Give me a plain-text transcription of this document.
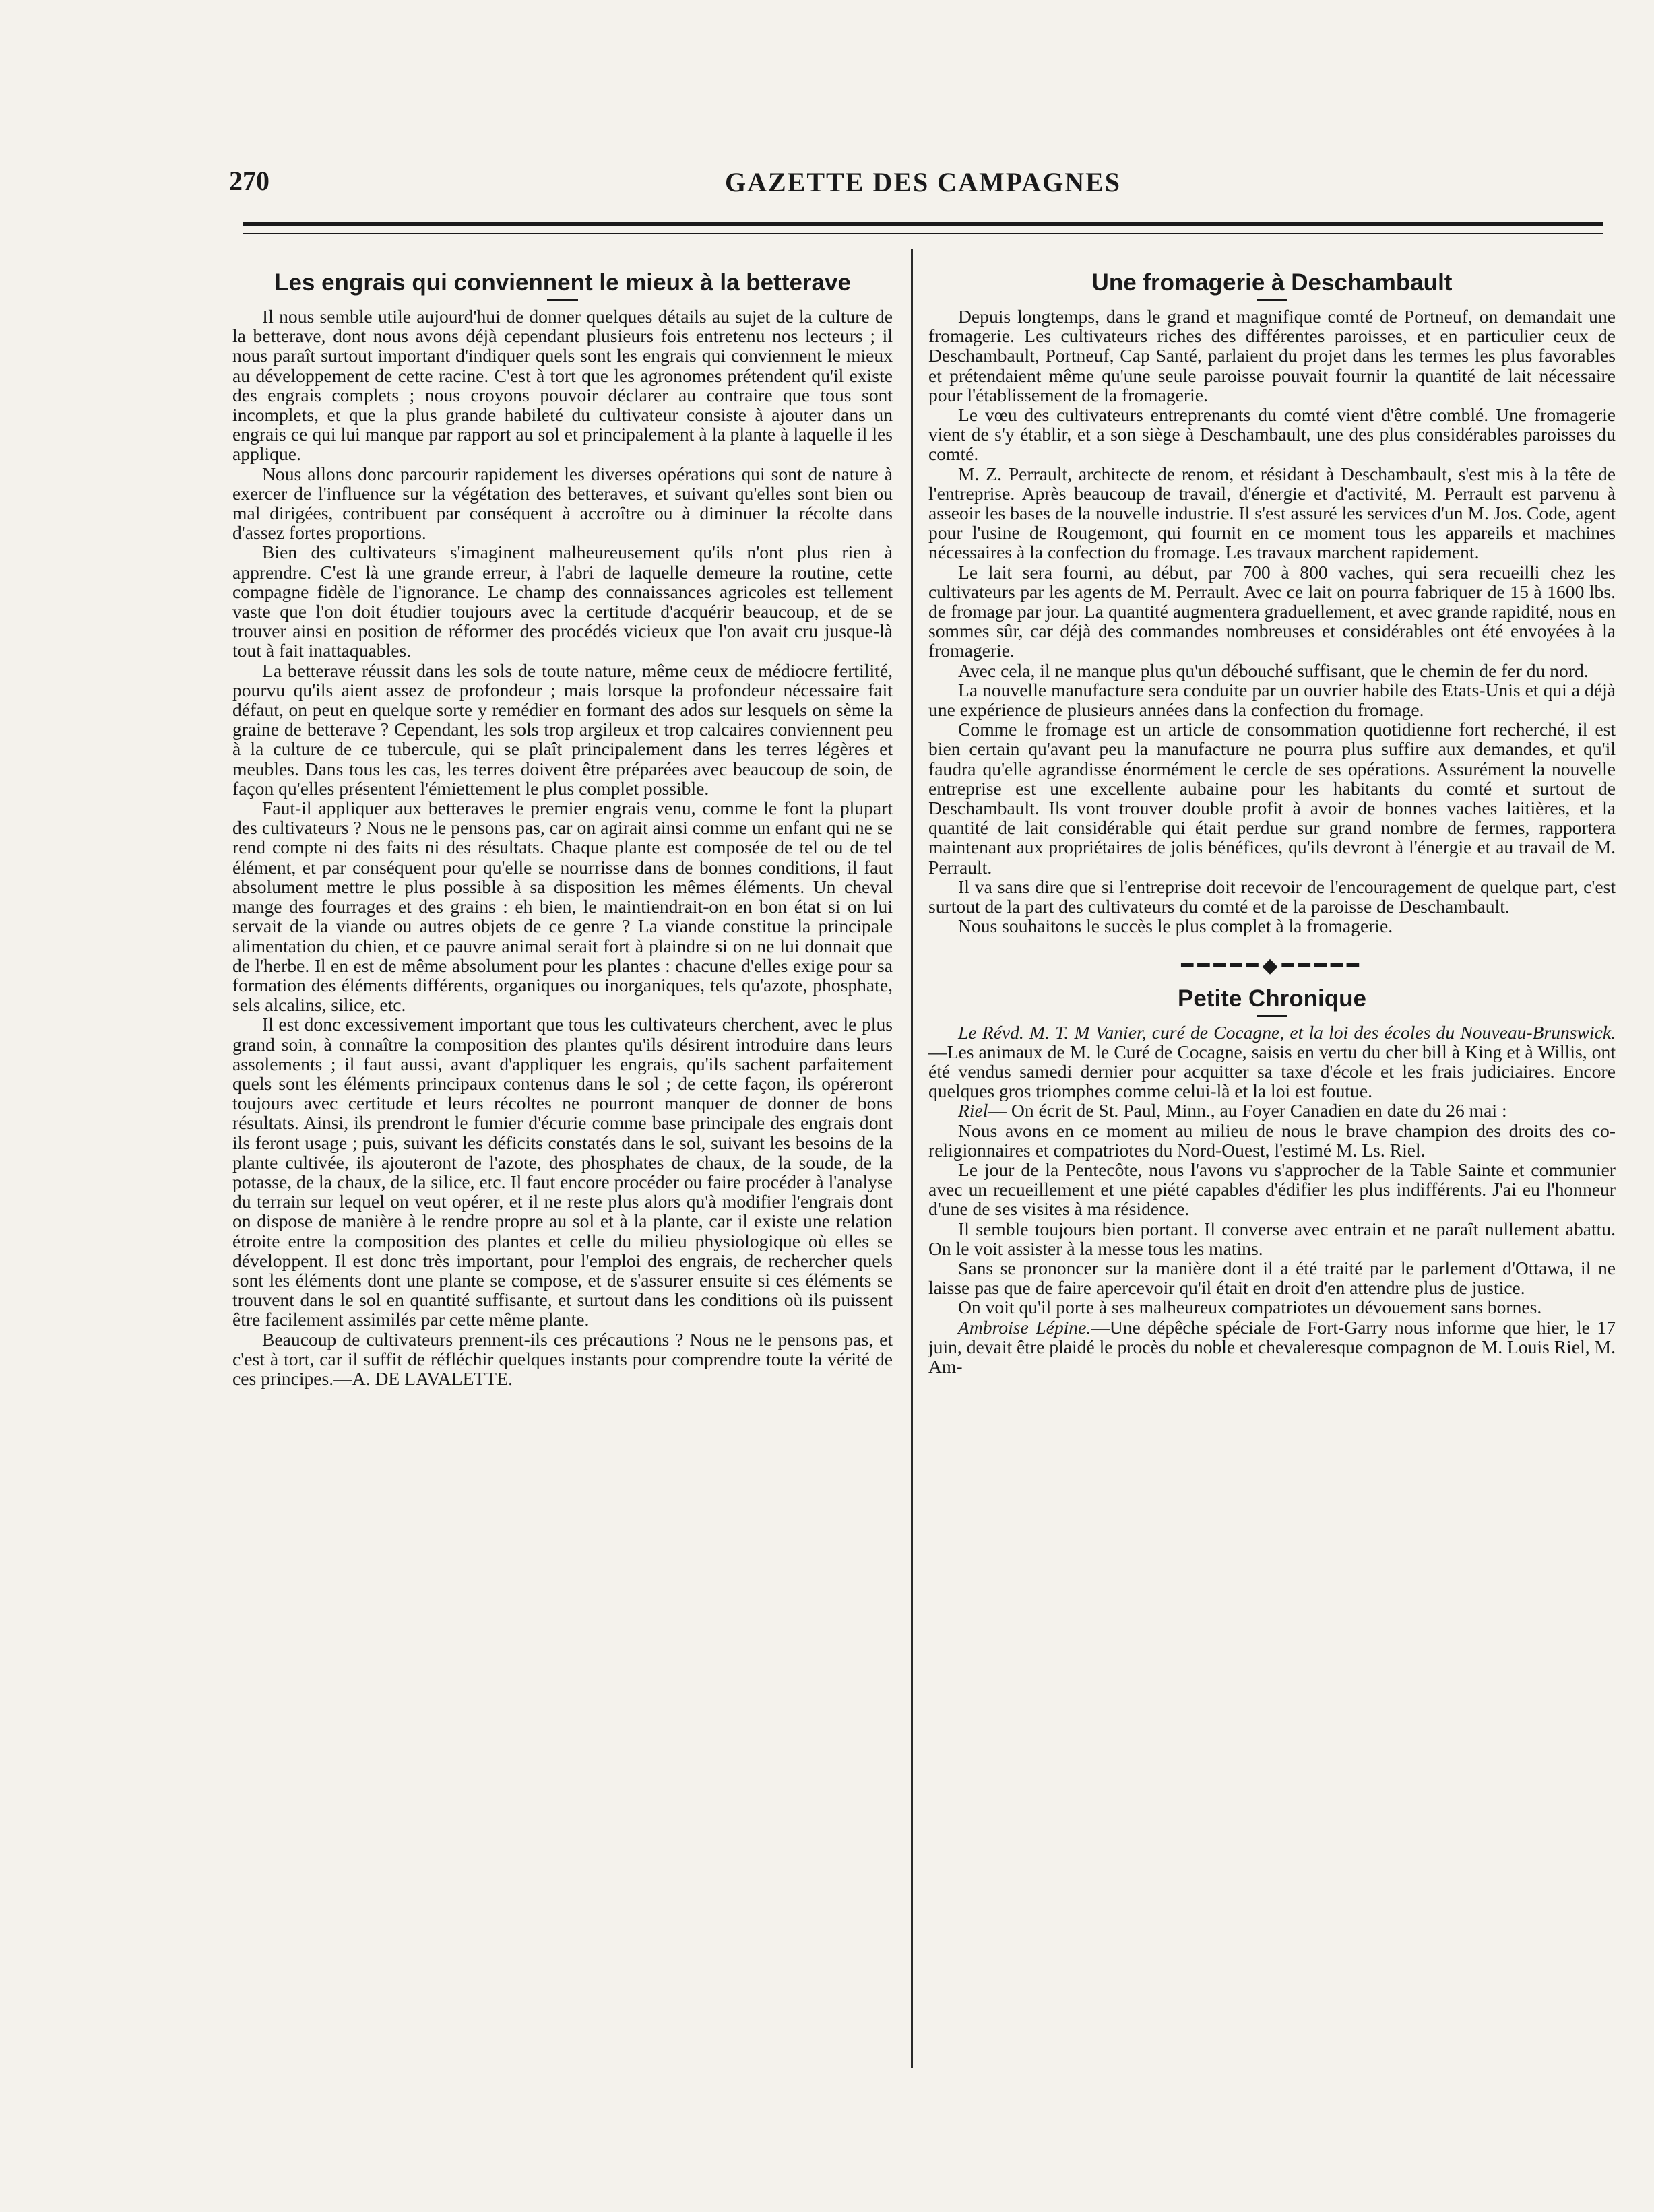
270	GAZETTE DES CAMPAGNES
Les engrais qui conviennent le mieux à la betterave

Il nous semble utile aujourd'hui de donner quelques détails au sujet de la culture de la betterave, dont nous avons déjà cependant plusieurs fois entretenu nos lecteurs ; il nous paraît surtout important d'indiquer quels sont les engrais qui conviennent le mieux au développement de cette racine. C'est à tort que les agronomes prétendent qu'il existe des engrais complets ; nous croyons pouvoir déclarer au contraire que tous sont incomplets, et que la plus grande habileté du cultivateur consiste à ajouter dans un engrais ce qui lui manque par rapport au sol et principalement à la plante à laquelle il les applique.

Nous allons donc parcourir rapidement les diverses opérations qui sont de nature à exercer de l'influence sur la végétation des betteraves, et suivant qu'elles sont bien ou mal dirigées, contribuent par conséquent à accroître ou à diminuer la récolte dans d'assez fortes proportions.

Bien des cultivateurs s'imaginent malheureusement qu'ils n'ont plus rien à apprendre. C'est là une grande erreur, à l'abri de laquelle demeure la routine, cette compagne fidèle de l'ignorance. Le champ des connaissances agricoles est tellement vaste que l'on doit étudier toujours avec la certitude d'acquérir beaucoup, et de se trouver ainsi en position de réformer des procédés vicieux que l'on avait cru jusque-là tout à fait inattaquables.

La betterave réussit dans les sols de toute nature, même ceux de médiocre fertilité, pourvu qu'ils aient assez de profondeur ; mais lorsque la profondeur nécessaire fait défaut, on peut en quelque sorte y remédier en formant des ados sur lesquels on sème la graine de betterave ? Cependant, les sols trop argileux et trop calcaires conviennent peu à la culture de ce tubercule, qui se plaît principalement dans les terres légères et meubles. Dans tous les cas, les terres doivent être préparées avec beaucoup de soin, de façon qu'elles présentent l'émiettement le plus complet possible.

Faut-il appliquer aux betteraves le premier engrais venu, comme le font la plupart des cultivateurs ? Nous ne le pensons pas, car on agirait ainsi comme un enfant qui ne se rend compte ni des faits ni des résultats. Chaque plante est composée de tel ou de tel élément, et par conséquent pour qu'elle se nourrisse dans de bonnes conditions, il faut absolument mettre le plus possible à sa disposition les mêmes éléments. Un cheval mange des fourrages et des grains : eh bien, le maintiendrait-on en bon état si on lui servait de la viande ou autres objets de ce genre ? La viande constitue la principale alimentation du chien, et ce pauvre animal serait fort à plaindre si on ne lui donnait que de l'herbe. Il en est de même absolument pour les plantes : chacune d'elles exige pour sa formation des éléments différents, organiques ou inorganiques, tels qu'azote, phosphate, sels alcalins, silice, etc.

Il est donc excessivement important que tous les cultivateurs cherchent, avec le plus grand soin, à connaître la composition des plantes qu'ils désirent introduire dans leurs assolements ; il faut aussi, avant d'appliquer les engrais, qu'ils sachent parfaitement quels sont les éléments principaux contenus dans le sol ; de cette façon, ils opéreront toujours avec certitude et leurs récoltes ne pourront manquer de donner de bons résultats. Ainsi, ils prendront le fumier d'écurie comme base principale des engrais dont ils feront usage ; puis, suivant les déficits constatés dans le sol, suivant les besoins de la plante cultivée, ils ajouteront de l'azote, des phosphates de chaux, de la soude, de la potasse, de la chaux, de la silice, etc. Il faut encore procéder ou faire procéder à l'analyse du terrain sur lequel on veut opérer, et il ne reste plus alors qu'à modifier l'engrais dont on dispose de manière à le rendre propre au sol et à la plante, car il existe une relation étroite entre la composition des plantes et celle du milieu physiologique où elles se développent. Il est donc très important, pour l'emploi des engrais, de rechercher quels sont les éléments dont une plante se compose, et de s'assurer ensuite si ces éléments se trouvent dans le sol en quantité suffisante, et surtout dans les conditions où ils puissent être facilement assimilés par cette même plante.

Beaucoup de cultivateurs prennent-ils ces précautions ? Nous ne le pensons pas, et c'est à tort, car il suffit de réfléchir quelques instants pour comprendre toute la vérité de ces principes.—A. DE LAVALETTE.

Une fromagerie à Deschambault

Depuis longtemps, dans le grand et magnifique comté de Portneuf, on demandait une fromagerie. Les cultivateurs riches des différentes paroisses, et en particulier ceux de Deschambault, Portneuf, Cap Santé, parlaient du projet dans les termes les plus favorables et prétendaient même qu'une seule paroisse pouvait fournir la quantité de lait nécessaire pour l'établissement de la fromagerie.

Le vœu des cultivateurs entreprenants du comté vient d'être comblé. Une fromagerie vient de s'y établir, et a son siège à Deschambault, une des plus considérables paroisses du comté.

M. Z. Perrault, architecte de renom, et résidant à Deschambault, s'est mis à la tête de l'entreprise. Après beaucoup de travail, d'énergie et d'activité, M. Perrault est parvenu à asseoir les bases de la nouvelle industrie. Il s'est assuré les services d'un M. Jos. Code, agent pour l'usine de Rougemont, qui fournit en ce moment tous les appareils et machines nécessaires à la confection du fromage. Les travaux marchent rapidement.

Le lait sera fourni, au début, par 700 à 800 vaches, qui sera recueilli chez les cultivateurs par les agents de M. Perrault. Avec ce lait on pourra fabriquer de 15 à 1600 lbs. de fromage par jour. La quantité augmentera graduellement, et avec grande rapidité, nous en sommes sûr, car déjà des commandes nombreuses et considérables ont été envoyées à la fromagerie.

Avec cela, il ne manque plus qu'un débouché suffisant, que le chemin de fer du nord.

La nouvelle manufacture sera conduite par un ouvrier habile des Etats-Unis et qui a déjà une expérience de plusieurs années dans la confection du fromage.

Comme le fromage est un article de consommation quotidienne fort recherché, il est bien certain qu'avant peu la manufacture ne pourra plus suffire aux demandes, et qu'il faudra qu'elle agrandisse énormément le cercle de ses opérations. Assurément la nouvelle entreprise est une excellente aubaine pour les habitants du comté et surtout de Deschambault. Ils vont trouver double profit à avoir de bonnes vaches laitières, et la quantité de lait considérable qui était perdue sur grand nombre de fermes, rapportera maintenant aux propriétaires de jolis bénéfices, qu'ils devront à l'énergie et au travail de M. Perrault.

Il va sans dire que si l'entreprise doit recevoir de l'encouragement de quelque part, c'est surtout de la part des cultivateurs du comté et de la paroisse de Deschambault.

Nous souhaitons le succès le plus complet à la fromagerie.

━━━━━◆━━━━━
Petite Chronique

Le Révd. M. T. M Vanier, curé de Cocagne, et la loi des écoles du Nouveau-Brunswick.—Les animaux de M. le Curé de Cocagne, saisis en vertu du cher bill à King et à Willis, ont été vendus samedi dernier pour acquitter sa taxe d'école et les frais judiciaires. Encore quelques gros triomphes comme celui-là et la loi est foutue.

Riel— On écrit de St. Paul, Minn., au Foyer Canadien en date du 26 mai :

Nous avons en ce moment au milieu de nous le brave champion des droits des co-religionnaires et compatriotes du Nord-Ouest, l'estimé M. Ls. Riel.

Le jour de la Pentecôte, nous l'avons vu s'approcher de la Table Sainte et communier avec un recueillement et une piété capables d'édifier les plus indifférents. J'ai eu l'honneur d'une de ses visites à ma résidence.

Il semble toujours bien portant. Il converse avec entrain et ne paraît nullement abattu. On le voit assister à la messe tous les matins.

Sans se prononcer sur la manière dont il a été traité par le parlement d'Ottawa, il ne laisse pas que de faire apercevoir qu'il était en droit d'en attendre plus de justice.

On voit qu'il porte à ses malheureux compatriotes un dévouement sans bornes.

Ambroise Lépine.—Une dépêche spéciale de Fort-Garry nous informe que hier, le 17 juin, devait être plaidé le procès du noble et chevaleresque compagnon de M. Louis Riel, M. Am-
